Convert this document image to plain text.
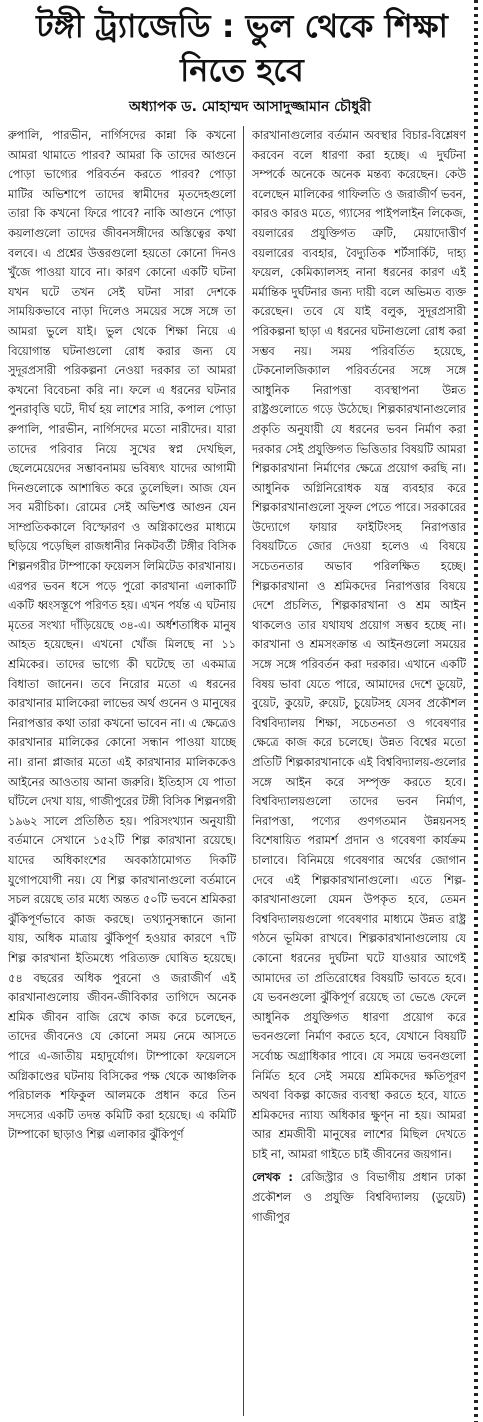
টঙ্গী ট্র্যাজেডি : ভুল থেকে শিক্ষা নিতে হবে
অধ্যাপক ড. মোহাম্মদ আসাদুজ্জামান চৌধুরী

রুপালি, পারভীন, নার্গিসদের কান্না কি কখনো আমরা থামাতে পারব? আমরা কি তাদের আগুনে পোড়া ভাগ্যের পরিবর্তন করতে পারব? পোড়া মাটির অভিশাপে তাদের স্বামীদের মৃতদেহগুলো তারা কি কখনো ফিরে পাবে? নাকি আগুনে পোড়া কয়লাগুলো তাদের জীবনসঙ্গীদের অস্তিত্বের কথা বলবে। এ প্রশ্নের উত্তরগুলো হয়তো কোনো দিনও খুঁজে পাওয়া যাবে না। কারণ কোনো একটি ঘটনা যখন ঘটে তখন সেই ঘটনা সারা দেশকে সাময়িকভাবে নাড়া দিলেও সময়ের সঙ্গে সঙ্গে তা আমরা ভুলে যাই। ভুল থেকে শিক্ষা নিয়ে এ বিয়োগান্ত ঘটনাগুলো রোধ করার জন্য যে সুদূরপ্রসারী পরিকল্পনা নেওয়া দরকার তা আমরা কখনো বিবেচনা করি না। ফলে এ ধরনের ঘটনার পুনরাবৃত্তি ঘটে, দীর্ঘ হয় লাশের সারি, কপাল পোড়া রুপালি, পারভীন, নার্গিসদের মতো নারীদের। যারা তাদের পরিবার নিয়ে সুখের স্বপ্ন দেখছিল, ছেলেমেয়েদের সম্ভাবনাময় ভবিষ্যৎ যাদের আগামী দিনগুলোকে আশান্বিত করে তুলেছিল। আজ যেন সব মরীচিকা। রোমের সেই অভিশপ্ত আগুন যেন সাম্প্রতিককালে বিস্ফোরণ ও অগ্নিকাণ্ডের মাধ্যমে ছড়িয়ে পড়েছিল রাজধানীর নিকটবর্তী টঙ্গীর বিসিক শিল্পনগরীর টাম্পাকো ফয়েলস লিমিটেড কারখানায়। এরপর ভবন ধসে পড়ে পুরো কারখানা এলাকাটি একটি ধ্বংসস্তূপে পরিণত হয়। এখন পর্যন্ত এ ঘটনায় মৃতের সংখ্যা দাঁড়িয়েছে ৩৪-এ। অর্ধশতাধিক মানুষ আহত হয়েছেন। এখনো খোঁজ মিলছে না ১১ শ্রমিকের। তাদের ভাগ্যে কী ঘটেছে তা একমাত্র বিধাতা জানেন। তবে নিরোর মতো এ ধরনের কারখানার মালিকেরা লাভের অর্থ গুনেন ও মানুষের নিরাপত্তার কথা তারা কখনো ভাবেন না। এ ক্ষেত্রেও কারখানার মালিকের কোনো সন্ধান পাওয়া যাচ্ছে না। রানা প্লাজার মতো এই কারখানার মালিককেও আইনের আওতায় আনা জরুরি। ইতিহাস যে পাতা ঘাঁটলে দেখা যায়, গাজীপুরের টঙ্গী বিসিক শিল্পনগরী ১৯৬২ সালে প্রতিষ্ঠিত হয়। পরিসংখ্যান অনুযায়ী বর্তমানে সেখানে ১৫২টি শিল্প কারখানা রয়েছে। যাদের অধিকাংশের অবকাঠামোগত দিকটি যুগোপযোগী নয়। যে শিল্প কারখানাগুলো বর্তমানে সচল রয়েছে তার মধ্যে অন্তত ৫০টি ভবনে শ্রমিকরা ঝুঁকিপূর্ণভাবে কাজ করছে। তথ্যানুসন্ধানে জানা যায়, অধিক মাত্রায় ঝুঁকিপূর্ণ হওয়ার কারণে ৭টি শিল্প কারখানা ইতিমধ্যে পরিত্যক্ত ঘোষিত হয়েছে। ৫৪ বছরের অধিক পুরনো ও জরাজীর্ণ এই কারখানাগুলোয় জীবন-জীবিকার তাগিদে অনেক শ্রমিক জীবন বাজি রেখে কাজ করে চলেছেন, তাদের জীবনেও যে কোনো সময় নেমে আসতে পারে এ-জাতীয় মহাদুর্যোগ। টাম্পাকো ফয়েলসে অগ্নিকাণ্ডের ঘটনায় বিসিকের পক্ষ থেকে আঞ্চলিক পরিচালক শফিকুল আলমকে প্রধান করে তিন সদস্যের একটি তদন্ত কমিটি করা হয়েছে। এ কমিটি টাম্পাকো ছাড়াও শিল্প এলাকার ঝুঁকিপূর্ণ

কারখানাগুলোর বর্তমান অবস্থার বিচার-বিশ্লেষণ করবেন বলে ধারণা করা হচ্ছে। এ দুর্ঘটনা সম্পর্কে অনেকে অনেক মন্তব্য করেছেন। কেউ বলেছেন মালিকের গাফিলতি ও জরাজীর্ণ ভবন, কারও কারও মতে, গ্যাসের পাইপলাইন লিকেজ, বয়লারের প্রযুক্তিগত ত্রুটি, মেয়াদোত্তীর্ণ বয়লারের ব্যবহার, বৈদ্যুতিক শর্টসার্কিট, দাহ্য ফয়েল, কেমিক্যালসহ নানা ধরনের কারণ এই মর্মান্তিক দুর্ঘটনার জন্য দায়ী বলে অভিমত ব্যক্ত করেছেন। তবে যে যাই বলুক, সুদূরপ্রসারী পরিকল্পনা ছাড়া এ ধরনের ঘটনাগুলো রোধ করা সম্ভব নয়। সময় পরিবর্তিত হয়েছে, টেকনোলজিক্যাল পরিবর্তনের সঙ্গে সঙ্গে আধুনিক নিরাপত্তা ব্যবস্থাপনা উন্নত রাষ্ট্রগুলোতে গড়ে উঠেছে। শিল্পকারখানাগুলোর প্রকৃতি অনুযায়ী যে ধরনের ভবন নির্মাণ করা দরকার সেই প্রযুক্তিগত ভিত্তিতার বিষয়টি আমরা শিল্পকারখানা নির্মাণের ক্ষেত্রে প্রয়োগ করছি না। আধুনিক অগ্নিনিরোধক যন্ত্র ব্যবহার করে শিল্পকারখানাগুলো সুফল পেতে পারে। সরকারের উদ্যোগে ফায়ার ফাইটিংসহ নিরাপত্তার বিষয়টিতে জোর দেওয়া হলেও এ বিষয়ে সচেতনতার অভাব পরিলক্ষিত হচ্ছে। শিল্পকারখানা ও শ্রমিকদের নিরাপত্তার বিষয়ে দেশে প্রচলিত, শিল্পকারখানা ও শ্রম আইন থাকলেও তার যথাযথ প্রয়োগ সম্ভব হচ্ছে না। কারখানা ও শ্রমসংক্রান্ত এ আইনগুলো সময়ের সঙ্গে সঙ্গে পরিবর্তন করা দরকার। এখানে একটি বিষয় ভাবা যেতে পারে, আমাদের দেশে ডুয়েট, বুয়েট, কুয়েট, রুয়েট, চুয়েটসহ যেসব প্রকৌশল বিশ্ববিদ্যালয় শিক্ষা, সচেতনতা ও গবেষণার ক্ষেত্রে কাজ করে চলেছে। উন্নত বিশ্বের মতো প্রতিটি শিল্পকারখানাকে এই বিশ্ববিদ্যালয়-গুলোর সঙ্গে আইন করে সম্পৃক্ত করতে হবে। বিশ্ববিদ্যালয়গুলো তাদের ভবন নির্মাণ, নিরাপত্তা, পণ্যের গুণগতমান উন্নয়নসহ বিশেষায়িত পরামর্শ প্রদান ও গবেষণা কার্যক্রম চালাবে। বিনিময়ে গবেষণার অর্থের জোগান দেবে এই শিল্পকারখানাগুলো। এতে শিল্প-কারখানাগুলো যেমন উপকৃত হবে, তেমন বিশ্ববিদ্যালয়গুলো গবেষণার মাধ্যমে উন্নত রাষ্ট্র গঠনে ভূমিকা রাখবে। শিল্পকারখানাগুলোয় যে কোনো ধরনের দুর্ঘটনা ঘটে যাওয়ার আগেই আমাদের তা প্রতিরোধের বিষয়টি ভাবতে হবে। যে ভবনগুলো ঝুঁকিপূর্ণ রয়েছে তা ভেঙে ফেলে আধুনিক প্রযুক্তিগত ধারণা প্রয়োগ করে ভবনগুলো নির্মাণ করতে হবে, যেখানে বিষয়টি সর্বোচ্চ অগ্রাধিকার পাবে। যে সময়ে ভবনগুলো নির্মিত হবে সেই সময়ে শ্রমিকদের ক্ষতিপূরণ অথবা বিকল্প কাজের ব্যবস্থা করতে হবে, যাতে শ্রমিকদের ন্যায্য অধিকার ক্ষুণ্ন না হয়। আমরা আর শ্রমজীবী মানুষের লাশের মিছিল দেখতে চাই না, আমরা গাইতে চাই জীবনের জয়গান।

লেখক : রেজিস্ট্রার ও বিভাগীয় প্রধান ঢাকা প্রকৌশল ও প্রযুক্তি বিশ্ববিদ্যালয় (ডুয়েট) গাজীপুর
